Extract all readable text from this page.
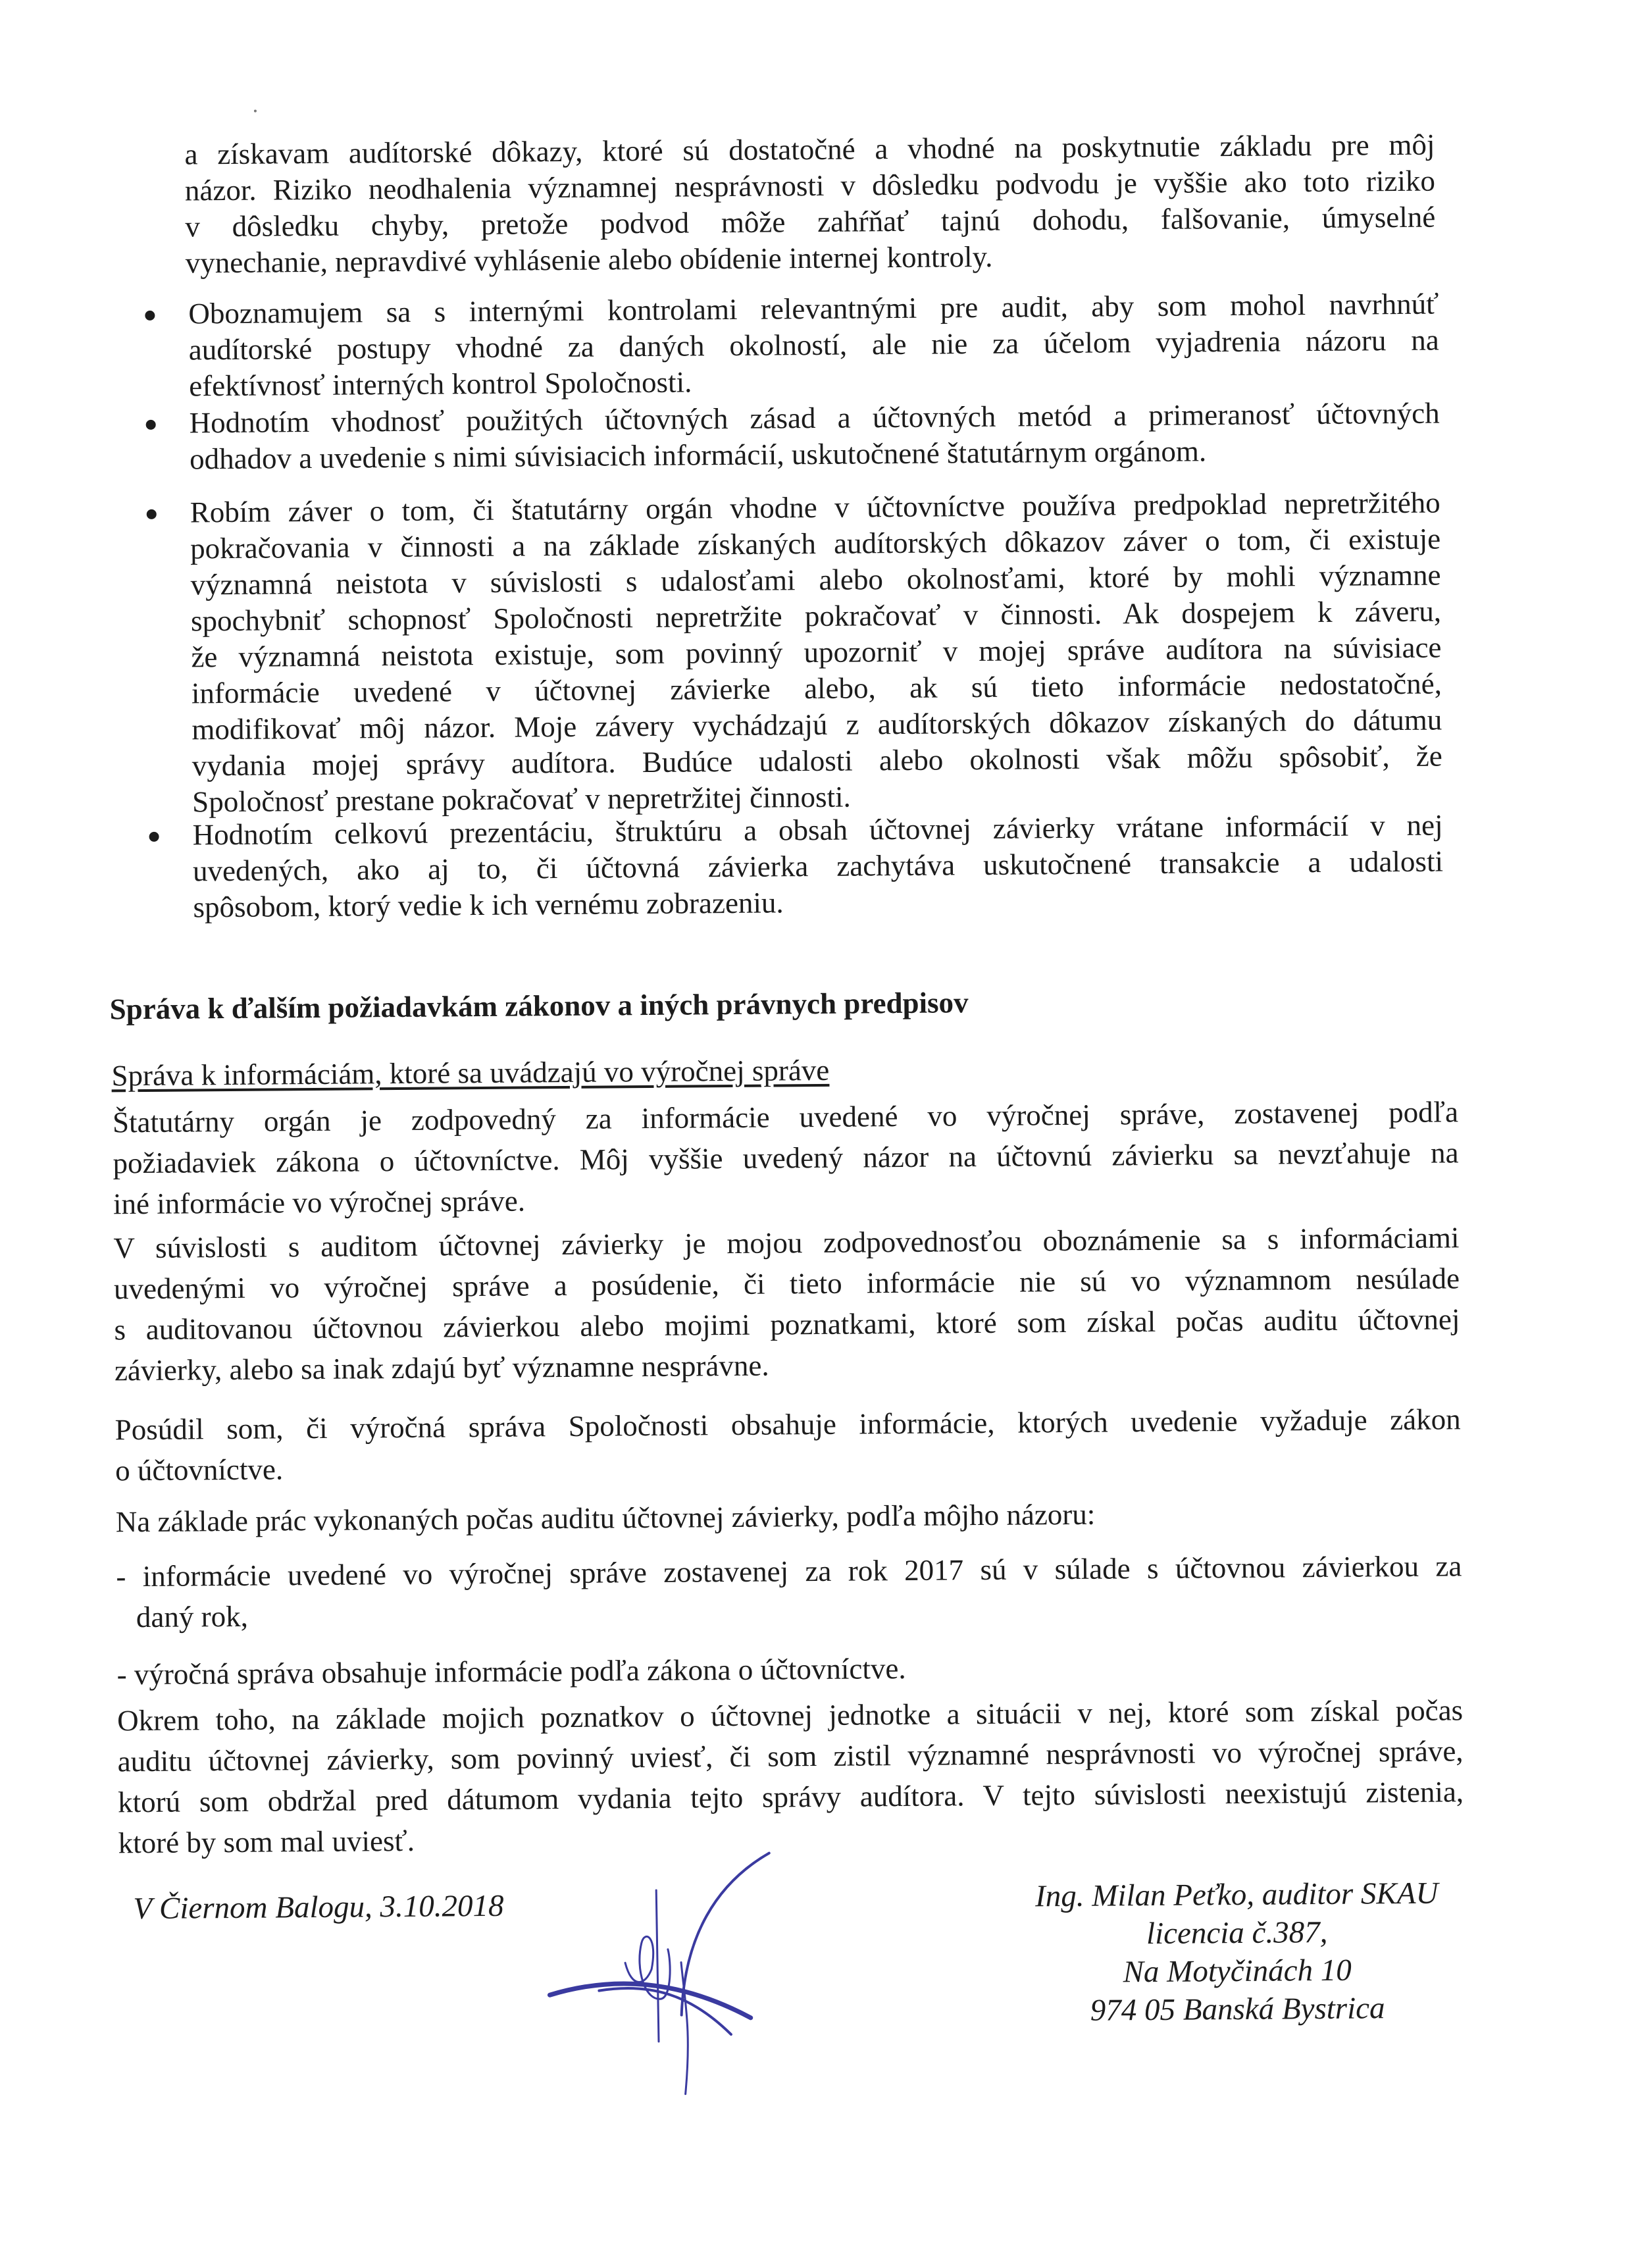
a získavam audítorské dôkazy, ktoré sú dostatočné a vhodné na poskytnutie základu pre môj
názor. Riziko neodhalenia významnej nesprávnosti v dôsledku podvodu je vyššie ako toto riziko
v dôsledku chyby, pretože podvod môže zahŕňať tajnú dohodu, falšovanie, úmyselné
vynechanie, nepravdivé vyhlásenie alebo obídenie internej kontroly.
Oboznamujem sa s internými kontrolami relevantnými pre audit, aby som mohol navrhnúť
audítorské postupy vhodné za daných okolností, ale nie za účelom vyjadrenia názoru na
efektívnosť interných kontrol Spoločnosti.
Hodnotím vhodnosť použitých účtovných zásad a účtovných metód a primeranosť účtovných
odhadov a uvedenie s nimi súvisiacich informácií, uskutočnené štatutárnym orgánom.
Robím záver o tom, či štatutárny orgán vhodne v účtovníctve používa predpoklad nepretržitého
pokračovania v činnosti a na základe získaných audítorských dôkazov záver o tom, či existuje
významná neistota v súvislosti s udalosťami alebo okolnosťami, ktoré by mohli významne
spochybniť schopnosť Spoločnosti nepretržite pokračovať v činnosti. Ak dospejem k záveru,
že významná neistota existuje, som povinný upozorniť v mojej správe audítora na súvisiace
informácie uvedené v účtovnej závierke alebo, ak sú tieto informácie nedostatočné,
modifikovať môj názor. Moje závery vychádzajú z audítorských dôkazov získaných do dátumu
vydania mojej správy audítora. Budúce udalosti alebo okolnosti však môžu spôsobiť, že
Spoločnosť prestane pokračovať v nepretržitej činnosti.
Hodnotím celkovú prezentáciu, štruktúru a obsah účtovnej závierky vrátane informácií v nej
uvedených, ako aj to, či účtovná závierka zachytáva uskutočnené transakcie a udalosti
spôsobom, ktorý vedie k ich vernému zobrazeniu.
Správa k ďalším požiadavkám zákonov a iných právnych predpisov
Správa k informáciám, ktoré sa uvádzajú vo výročnej správe
Štatutárny orgán je zodpovedný za informácie uvedené vo výročnej správe, zostavenej podľa
požiadaviek zákona o účtovníctve. Môj vyššie uvedený názor na účtovnú závierku sa nevzťahuje na
iné informácie vo výročnej správe.
V súvislosti s auditom účtovnej závierky je mojou zodpovednosťou oboznámenie sa s informáciami
uvedenými vo výročnej správe a posúdenie, či tieto informácie nie sú vo významnom nesúlade
s auditovanou účtovnou závierkou alebo mojimi poznatkami, ktoré som získal počas auditu účtovnej
závierky, alebo sa inak zdajú byť významne nesprávne.
Posúdil som, či výročná správa Spoločnosti obsahuje informácie, ktorých uvedenie vyžaduje zákon
o účtovníctve.
Na základe prác vykonaných počas auditu účtovnej závierky, podľa môjho názoru:
- informácie uvedené vo výročnej správe zostavenej za rok 2017 sú v súlade s účtovnou závierkou za
daný rok,
- výročná správa obsahuje informácie podľa zákona o účtovníctve.
Okrem toho, na základe mojich poznatkov o účtovnej jednotke a situácii v nej, ktoré som získal počas
auditu účtovnej závierky, som povinný uviesť, či som zistil významné nesprávnosti vo výročnej správe,
ktorú som obdržal pred dátumom vydania tejto správy audítora. V tejto súvislosti neexistujú zistenia,
ktoré by som mal uviesť.
V Čiernom Balogu, 3.10.2018	Ing. Milan Peťko, auditor SKAU
licencia č.387,
Na Motyčinách 10
974 05 Banská Bystrica
